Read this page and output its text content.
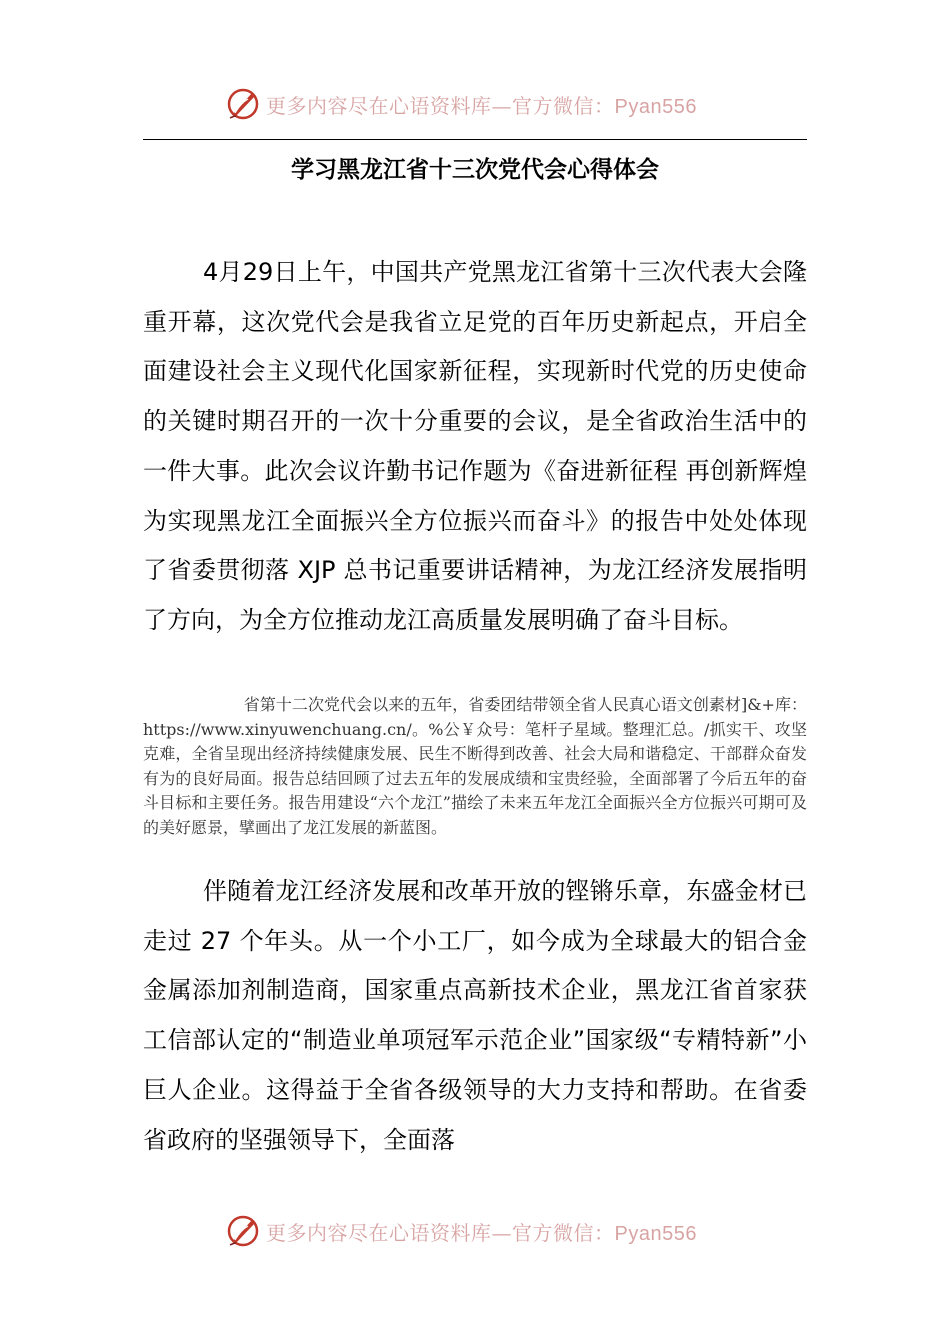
更多内容尽在心语资料库—官方微信：Pyan556
学习黑龙江省十三次党代会心得体会

4月29日上午，中国共产党黑龙江省第十三次代表大会隆重开幕，这次党代会是我省立足党的百年历史新起点，开启全面建设社会主义现代化国家新征程，实现新时代党的历史使命的关键时期召开的一次十分重要的会议，是全省政治生活中的一件大事。此次会议许勤书记作题为《奋进新征程 再创新辉煌 为实现黑龙江全面振兴全方位振兴而奋斗》的报告中处处体现了省委贯彻落 XJP 总书记重要讲话精神，为龙江经济发展指明了方向，为全方位推动龙江高质量发展明确了奋斗目标。

省第十二次党代会以来的五年，省委团结带领全省人民真心语文创素材]&+库：https://www.xinyuwenchuang.cn/。%公￥众号：笔杆子星域。整理汇总。/抓实干、攻坚克难，全省呈现出经济持续健康发展、民生不断得到改善、社会大局和谐稳定、干部群众奋发有为的良好局面。报告总结回顾了过去五年的发展成绩和宝贵经验，全面部署了今后五年的奋斗目标和主要任务。报告用建设“六个龙江”描绘了未来五年龙江全面振兴全方位振兴可期可及的美好愿景，擘画出了龙江发展的新蓝图。

伴随着龙江经济发展和改革开放的铿锵乐章，东盛金材已走过 27 个年头。从一个小工厂，如今成为全球最大的铝合金金属添加剂制造商，国家重点高新技术企业，黑龙江省首家获工信部认定的“制造业单项冠军示范企业”国家级“专精特新”小巨人企业。这得益于全省各级领导的大力支持和帮助。在省委省政府的坚强领导下，全面落

更多内容尽在心语资料库—官方微信：Pyan556
